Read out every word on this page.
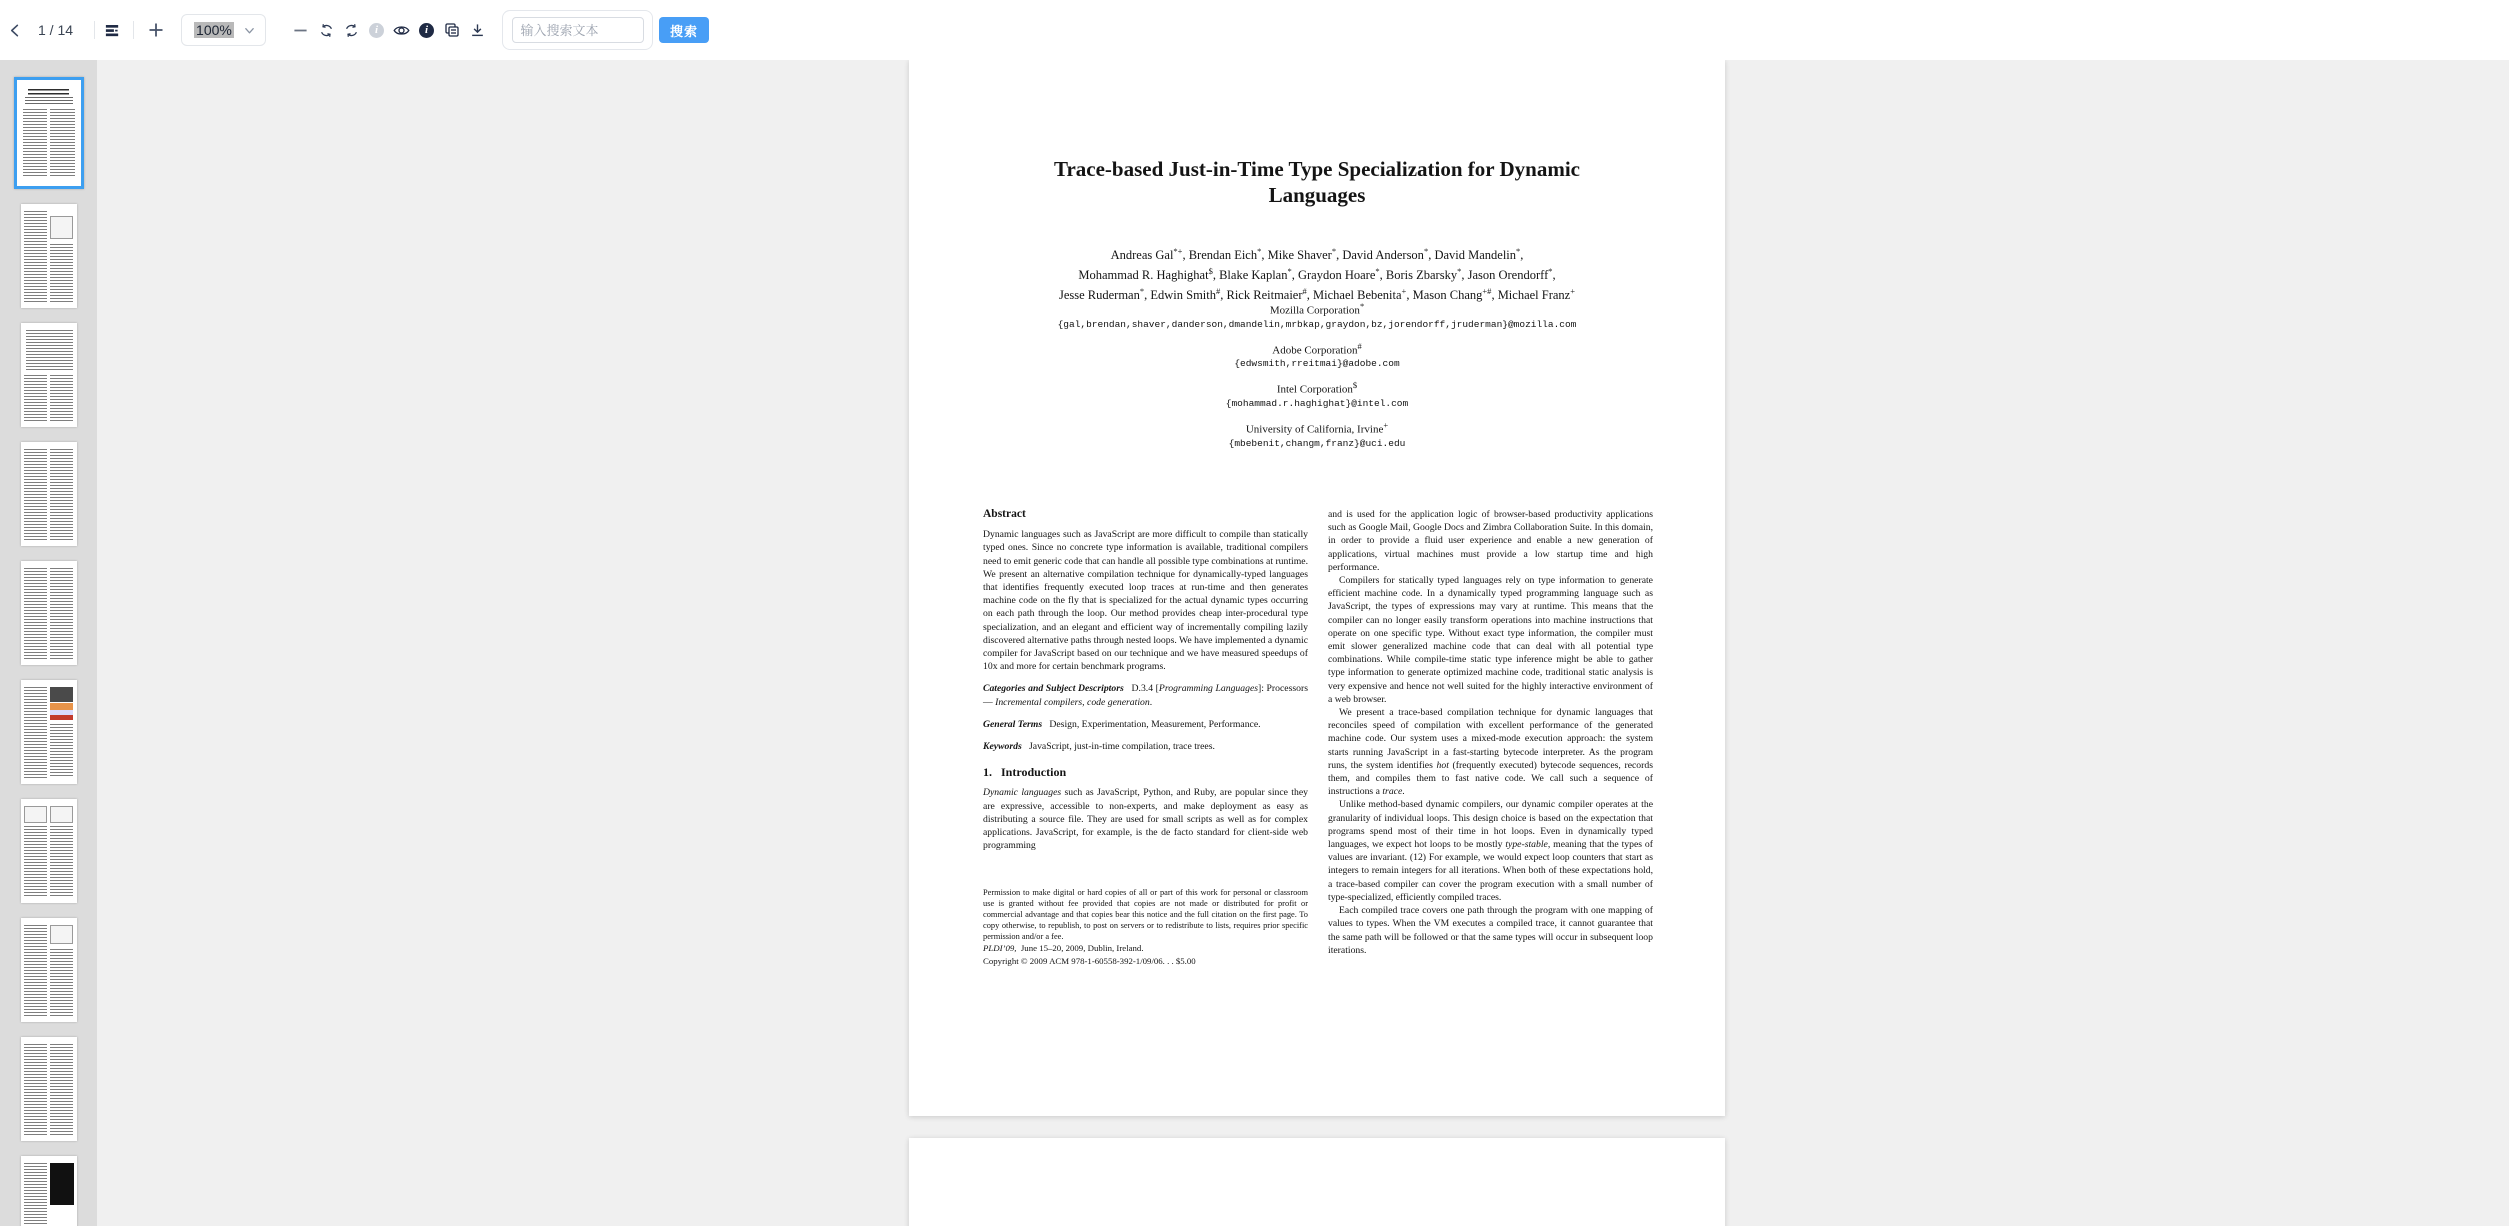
1 / 14	100%	i	i
输入搜索文本	搜索
Trace-based Just-in-Time Type Specialization for Dynamic
Languages
Andreas Gal*+, Brendan Eich*, Mike Shaver*, David Anderson*, David Mandelin*,
Mohammad R. Haghighat$, Blake Kaplan*, Graydon Hoare*, Boris Zbarsky*, Jason Orendorff*,
Jesse Ruderman*, Edwin Smith#, Rick Reitmaier#, Michael Bebenita+, Mason Chang+#, Michael Franz+
Mozilla Corporation*
{gal,brendan,shaver,danderson,dmandelin,mrbkap,graydon,bz,jorendorff,jruderman}@mozilla.com
Adobe Corporation#
{edwsmith,rreitmai}@adobe.com
Intel Corporation$
{mohammad.r.haghighat}@intel.com
University of California, Irvine+
{mbebenit,changm,franz}@uci.edu
Abstract

Dynamic languages such as JavaScript are more difficult to compile than statically typed ones. Since no concrete type information is available, traditional compilers need to emit generic code that can handle all possible type combinations at runtime. We present an alternative compilation technique for dynamically-typed languages that identifies frequently executed loop traces at run-time and then generates machine code on the fly that is specialized for the actual dynamic types occurring on each path through the loop. Our method provides cheap inter-procedural type specialization, and an elegant and efficient way of incrementally compiling lazily discovered alternative paths through nested loops. We have implemented a dynamic compiler for JavaScript based on our technique and we have measured speedups of 10x and more for certain benchmark programs.

Categories and Subject Descriptors   D.3.4 [Programming Languages]: Processors — Incremental compilers, code generation.

General Terms   Design, Experimentation, Measurement, Performance.

Keywords   JavaScript, just-in-time compilation, trace trees.

1.   Introduction

Dynamic languages such as JavaScript, Python, and Ruby, are popular since they are expressive, accessible to non-experts, and make deployment as easy as distributing a source file. They are used for small scripts as well as for complex applications. JavaScript, for example, is the de facto standard for client-side web programming

Permission to make digital or hard copies of all or part of this work for personal or classroom use is granted without fee provided that copies are not made or distributed for profit or commercial advantage and that copies bear this notice and the full citation on the first page. To copy otherwise, to republish, to post on servers or to redistribute to lists, requires prior specific permission and/or a fee.

PLDI’09,  June 15–20, 2009, Dublin, Ireland.

Copyright © 2009 ACM 978-1-60558-392-1/09/06. . . $5.00

and is used for the application logic of browser-based productivity applications such as Google Mail, Google Docs and Zimbra Collaboration Suite. In this domain, in order to provide a fluid user experience and enable a new generation of applications, virtual machines must provide a low startup time and high performance.

Compilers for statically typed languages rely on type information to generate efficient machine code. In a dynamically typed programming language such as JavaScript, the types of expressions may vary at runtime. This means that the compiler can no longer easily transform operations into machine instructions that operate on one specific type. Without exact type information, the compiler must emit slower generalized machine code that can deal with all potential type combinations. While compile-time static type inference might be able to gather type information to generate optimized machine code, traditional static analysis is very expensive and hence not well suited for the highly interactive environment of a web browser.

We present a trace-based compilation technique for dynamic languages that reconciles speed of compilation with excellent performance of the generated machine code. Our system uses a mixed-mode execution approach: the system starts running JavaScript in a fast-starting bytecode interpreter. As the program runs, the system identifies hot (frequently executed) bytecode sequences, records them, and compiles them to fast native code. We call such a sequence of instructions a trace.

Unlike method-based dynamic compilers, our dynamic compiler operates at the granularity of individual loops. This design choice is based on the expectation that programs spend most of their time in hot loops. Even in dynamically typed languages, we expect hot loops to be mostly type-stable, meaning that the types of values are invariant. (12) For example, we would expect loop counters that start as integers to remain integers for all iterations. When both of these expectations hold, a trace-based compiler can cover the program execution with a small number of type-specialized, efficiently compiled traces.

Each compiled trace covers one path through the program with one mapping of values to types. When the VM executes a compiled trace, it cannot guarantee that the same path will be followed or that the same types will occur in subsequent loop iterations.
